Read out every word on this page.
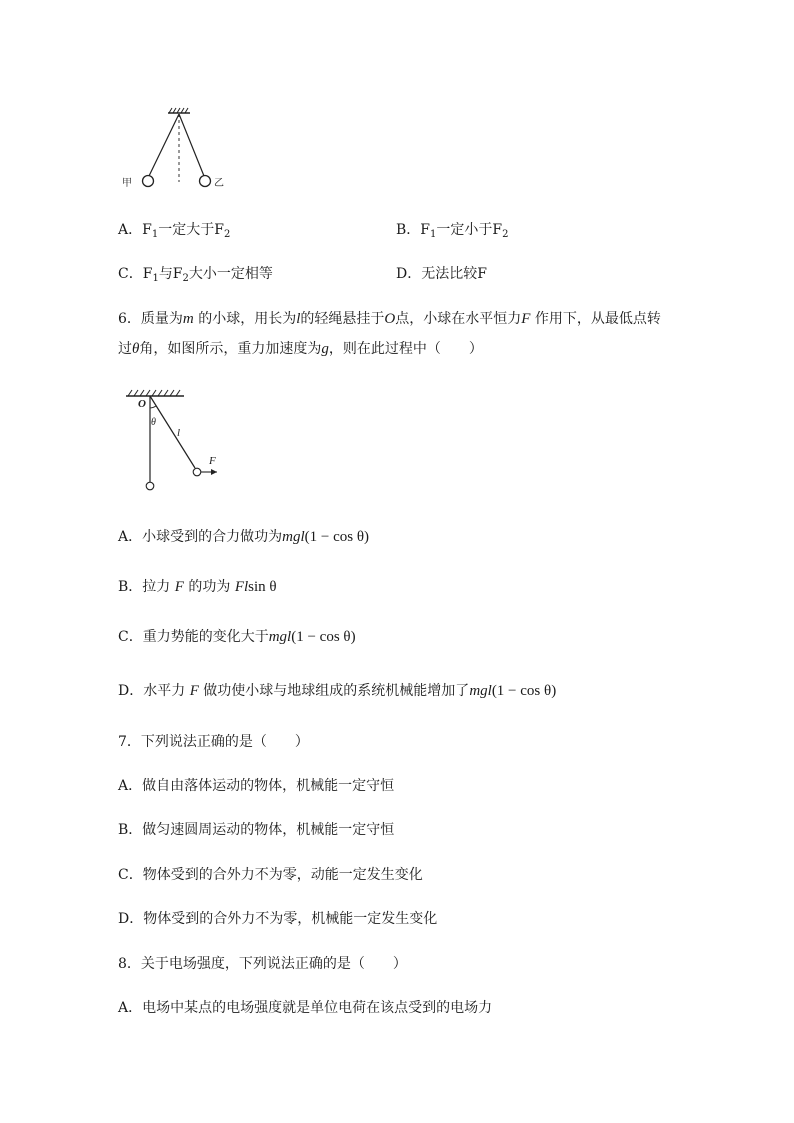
甲	乙
A．$F_1$一定大于$F_2$	B．$F_1$一定小于$F_2$
C．$F_1$与$F_2$大小一定相等	D．无法比较F
6．质量为m 的小球，用长为l的轻绳悬挂于O点，小球在水平恒力F 作用下，从最低点转
过θ角，如图所示，重力加速度为g，则在此过程中（　　）
O
θ
l
F
A．小球受到的合力做功为mgl(1 − cos θ)
B．拉力 F 的功为 Flsin θ
C．重力势能的变化大于mgl(1 − cos θ)
D．水平力 F 做功使小球与地球组成的系统机械能增加了mgl(1 − cos θ)
7．下列说法正确的是（　　）
A．做自由落体运动的物体，机械能一定守恒
B．做匀速圆周运动的物体，机械能一定守恒
C．物体受到的合外力不为零，动能一定发生变化
D．物体受到的合外力不为零，机械能一定发生变化
8．关于电场强度，下列说法正确的是（　　）
A．电场中某点的电场强度就是单位电荷在该点受到的电场力
